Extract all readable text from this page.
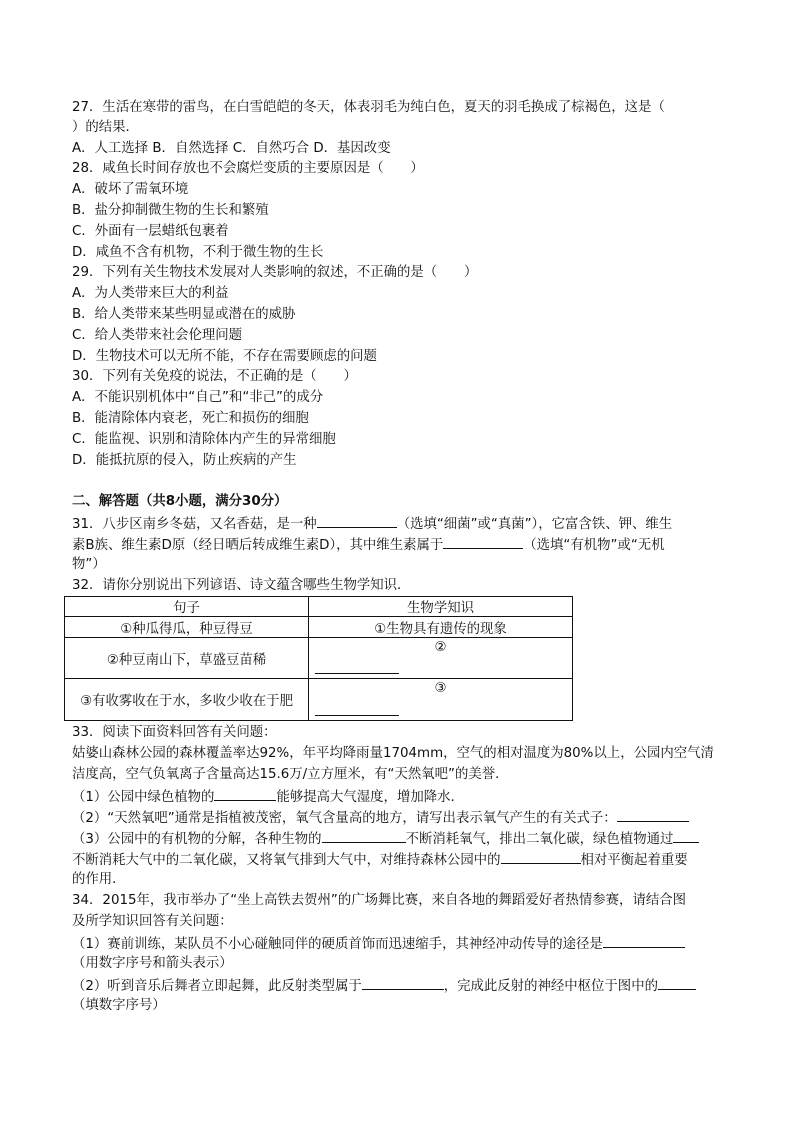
27．生活在寒带的雷鸟，在白雪皑皑的冬天，体表羽毛为纯白色，夏天的羽毛换成了棕褐色，这是（
）的结果．
A．人工选择 B．自然选择 C．自然巧合 D．基因改变
28．咸鱼长时间存放也不会腐烂变质的主要原因是（　　）
A．破坏了需氧环境
B．盐分抑制微生物的生长和繁殖
C．外面有一层蜡纸包裹着
D．咸鱼不含有机物，不利于微生物的生长
29．下列有关生物技术发展对人类影响的叙述，不正确的是（　　）
A．为人类带来巨大的利益
B．给人类带来某些明显或潜在的威胁
C．给人类带来社会伦理问题
D．生物技术可以无所不能，不存在需要顾虑的问题
30．下列有关免疫的说法，不正确的是（　　）
A．不能识别机体中“自己”和“非己”的成分
B．能清除体内衰老，死亡和损伤的细胞
C．能监视、识别和清除体内产生的异常细胞
D．能抵抗原的侵入，防止疾病的产生
二、解答题（共8小题，满分30分）
31．八步区南乡冬菇，又名香菇，是一种	（选填“细菌”或“真菌”），它富含铁、钾、维生
素B族、维生素D原（经日晒后转成维生素D），其中维生素属于	（选填“有机物”或“无机
物”）
32．请你分别说出下列谚语、诗文蕴含哪些生物学知识．
句子	生物学知识
①种瓜得瓜，种豆得豆	①生物具有遗传的现象
②种豆南山下，草盛豆苗稀	②

③有收雾收在于水，多收少收在于肥	③
33．阅读下面资料回答有关问题：
姑婆山森林公园的森林覆盖率达92%，年平均降雨量1704mm，空气的相对温度为80%以上，公园内空气清
洁度高，空气负氧离子含量高达15.6万/立方厘米，有“天然氧吧”的美誉．
（1）公园中绿色植物的	能够提高大气湿度，增加降水．
（2）“天然氧吧”通常是指植被茂密，氧气含量高的地方，请写出表示氧气产生的有关式子：
（3）公园中的有机物的分解，各种生物的	不断消耗氧气，排出二氧化碳，绿色植物通过
不断消耗大气中的二氧化碳，又将氧气排到大气中，对维持森林公园中的	相对平衡起着重要
的作用．
34．2015年，我市举办了“坐上高铁去贺州”的广场舞比赛，来自各地的舞蹈爱好者热情参赛，请结合图
及所学知识回答有关问题：
（1）赛前训练，某队员不小心碰触同伴的硬质首饰而迅速缩手，其神经冲动传导的途径是
（用数字序号和箭头表示）
（2）听到音乐后舞者立即起舞，此反射类型属于	，完成此反射的神经中枢位于图中的
（填数字序号）
